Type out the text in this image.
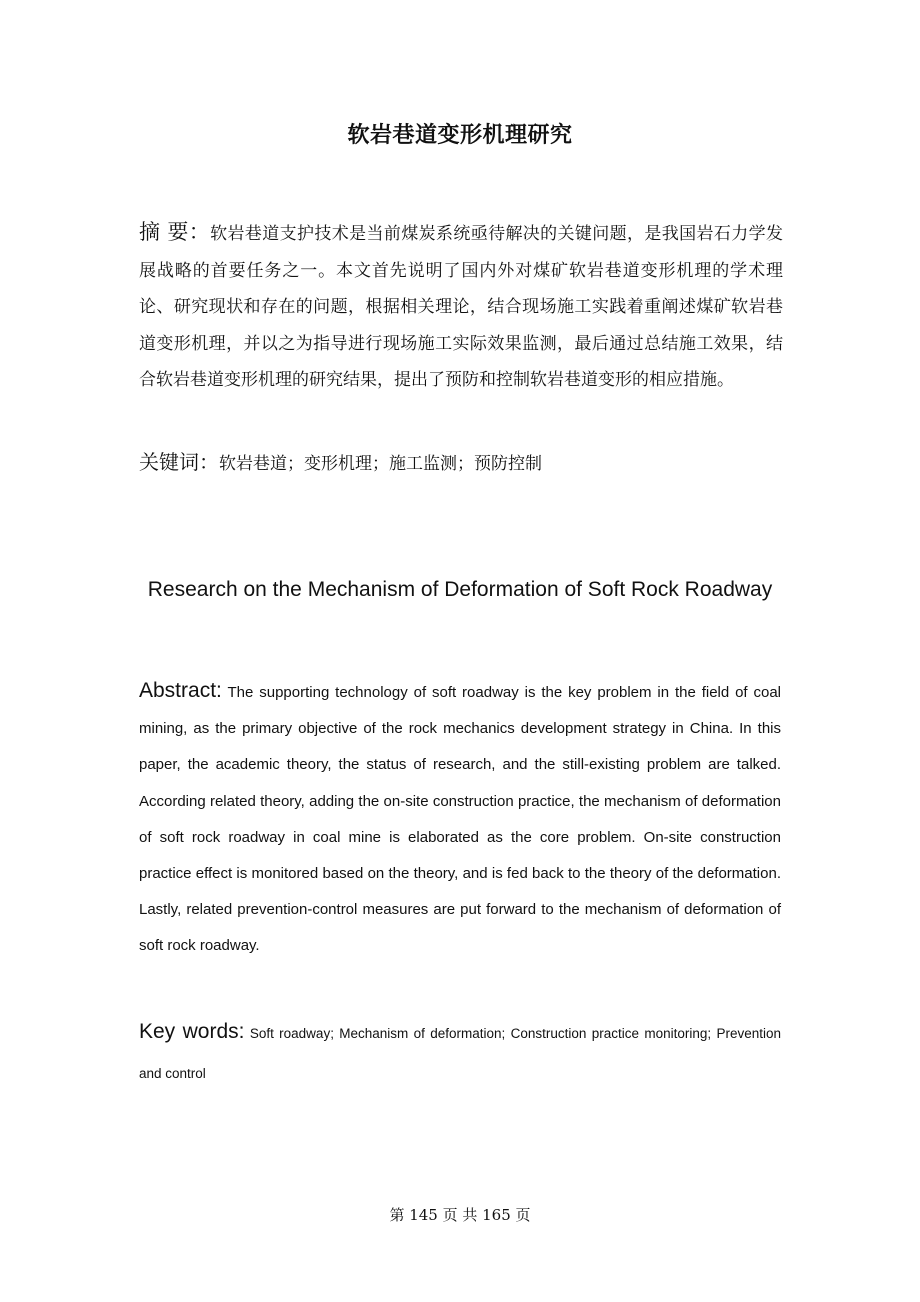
软岩巷道变形机理研究
摘 要：软岩巷道支护技术是当前煤炭系统亟待解决的关键问题，是我国岩石力学发展战略的首要任务之一。本文首先说明了国内外对煤矿软岩巷道变形机理的学术理论、研究现状和存在的问题，根据相关理论，结合现场施工实践着重阐述煤矿软岩巷道变形机理，并以之为指导进行现场施工实际效果监测，最后通过总结施工效果，结合软岩巷道变形机理的研究结果，提出了预防和控制软岩巷道变形的相应措施。
关键词：软岩巷道；变形机理；施工监测；预防控制
Research on the Mechanism of Deformation of Soft Rock Roadway
Abstract: The supporting technology of soft roadway is the key problem in the field of coal mining, as the primary objective of the rock mechanics development strategy in China. In this paper, the academic theory, the status of research, and the still-existing problem are talked. According related theory, adding the on-site construction practice, the mechanism of deformation of soft rock roadway in coal mine is elaborated as the core problem. On-site construction practice effect is monitored based on the theory, and is fed back to the theory of the deformation. Lastly, related prevention-control measures are put forward to the mechanism of deformation of soft rock roadway.
Key words: Soft roadway; Mechanism of deformation; Construction practice monitoring; Prevention and control
第 145 页 共 165 页
